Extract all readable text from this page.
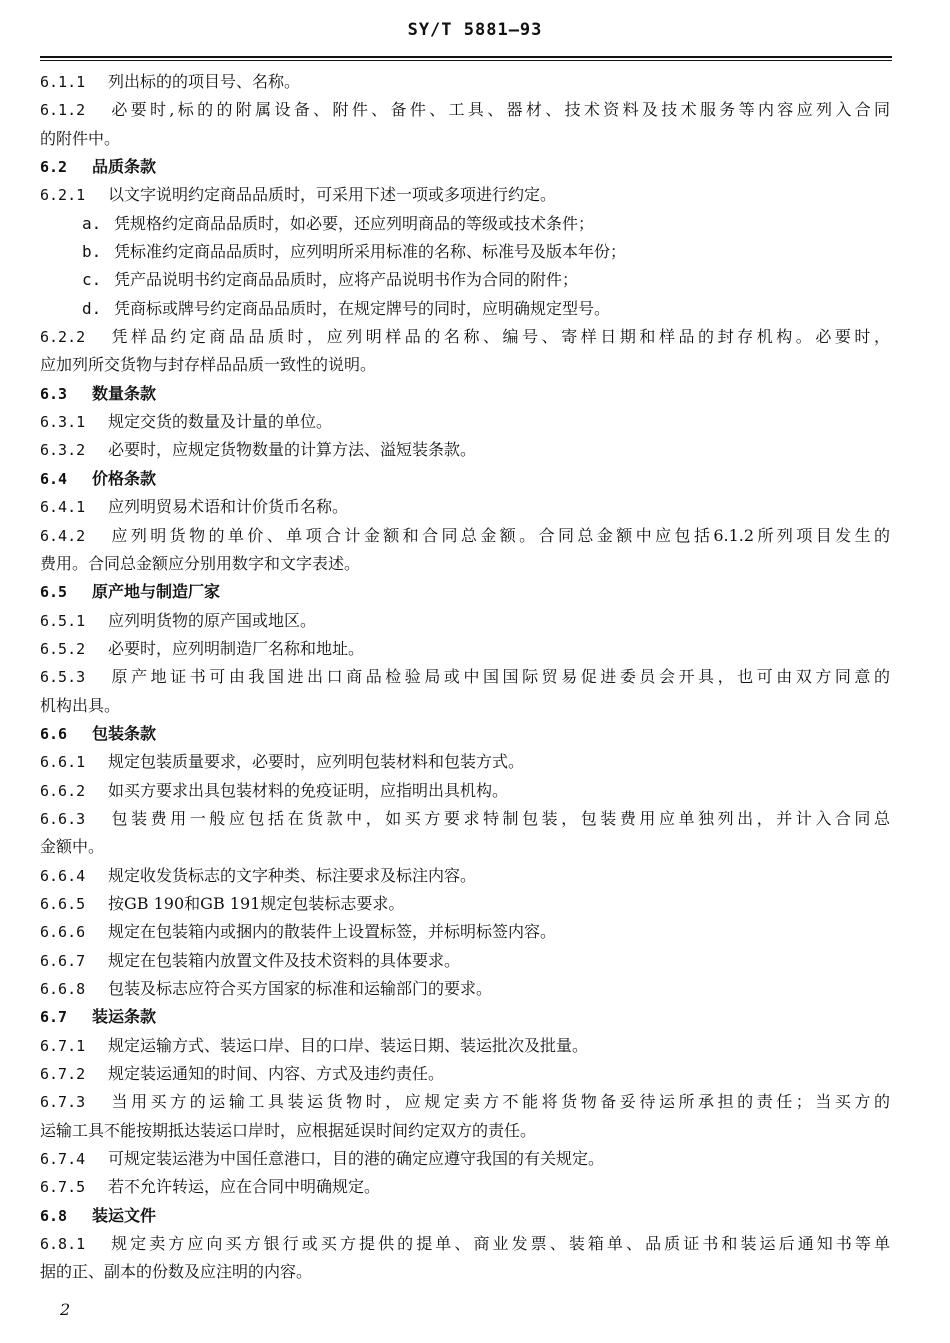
SY/T 5881—93
6.1.1 列出标的的项目号、名称。
6.1.2 必要时,标的的附属设备、附件、备件、工具、器材、技术资料及技术服务等内容应列入合同
的附件中。
6.2 品质条款
6.2.1 以文字说明约定商品品质时，可采用下述一项或多项进行约定。
a. 凭规格约定商品品质时，如必要，还应列明商品的等级或技术条件；
b. 凭标准约定商品品质时，应列明所采用标准的名称、标准号及版本年份；
c. 凭产品说明书约定商品品质时，应将产品说明书作为合同的附件；
d. 凭商标或牌号约定商品品质时，在规定牌号的同时，应明确规定型号。
6.2.2 凭样品约定商品品质时，应列明样品的名称、编号、寄样日期和样品的封存机构。必要时，
应加列所交货物与封存样品品质一致性的说明。
6.3 数量条款
6.3.1 规定交货的数量及计量的单位。
6.3.2 必要时，应规定货物数量的计算方法、溢短装条款。
6.4 价格条款
6.4.1 应列明贸易术语和计价货币名称。
6.4.2 应列明货物的单价、单项合计金额和合同总金额。合同总金额中应包括6.1.2所列项目发生的
费用。合同总金额应分别用数字和文字表述。
6.5 原产地与制造厂家
6.5.1 应列明货物的原产国或地区。
6.5.2 必要时，应列明制造厂名称和地址。
6.5.3 原产地证书可由我国进出口商品检验局或中国国际贸易促进委员会开具，也可由双方同意的
机构出具。
6.6 包装条款
6.6.1 规定包装质量要求，必要时，应列明包装材料和包装方式。
6.6.2 如买方要求出具包装材料的免疫证明，应指明出具机构。
6.6.3 包装费用一般应包括在货款中，如买方要求特制包装，包装费用应单独列出，并计入合同总
金额中。
6.6.4 规定收发货标志的文字种类、标注要求及标注内容。
6.6.5 按GB 190和GB 191规定包装标志要求。
6.6.6 规定在包装箱内或捆内的散装件上设置标签，并标明标签内容。
6.6.7 规定在包装箱内放置文件及技术资料的具体要求。
6.6.8 包装及标志应符合买方国家的标准和运输部门的要求。
6.7 装运条款
6.7.1 规定运输方式、装运口岸、目的口岸、装运日期、装运批次及批量。
6.7.2 规定装运通知的时间、内容、方式及违约责任。
6.7.3 当用买方的运输工具装运货物时，应规定卖方不能将货物备妥待运所承担的责任；当买方的
运输工具不能按期抵达装运口岸时，应根据延误时间约定双方的责任。
6.7.4 可规定装运港为中国任意港口，目的港的确定应遵守我国的有关规定。
6.7.5 若不允许转运，应在合同中明确规定。
6.8 装运文件
6.8.1 规定卖方应向买方银行或买方提供的提单、商业发票、装箱单、品质证书和装运后通知书等单
据的正、副本的份数及应注明的内容。
2
